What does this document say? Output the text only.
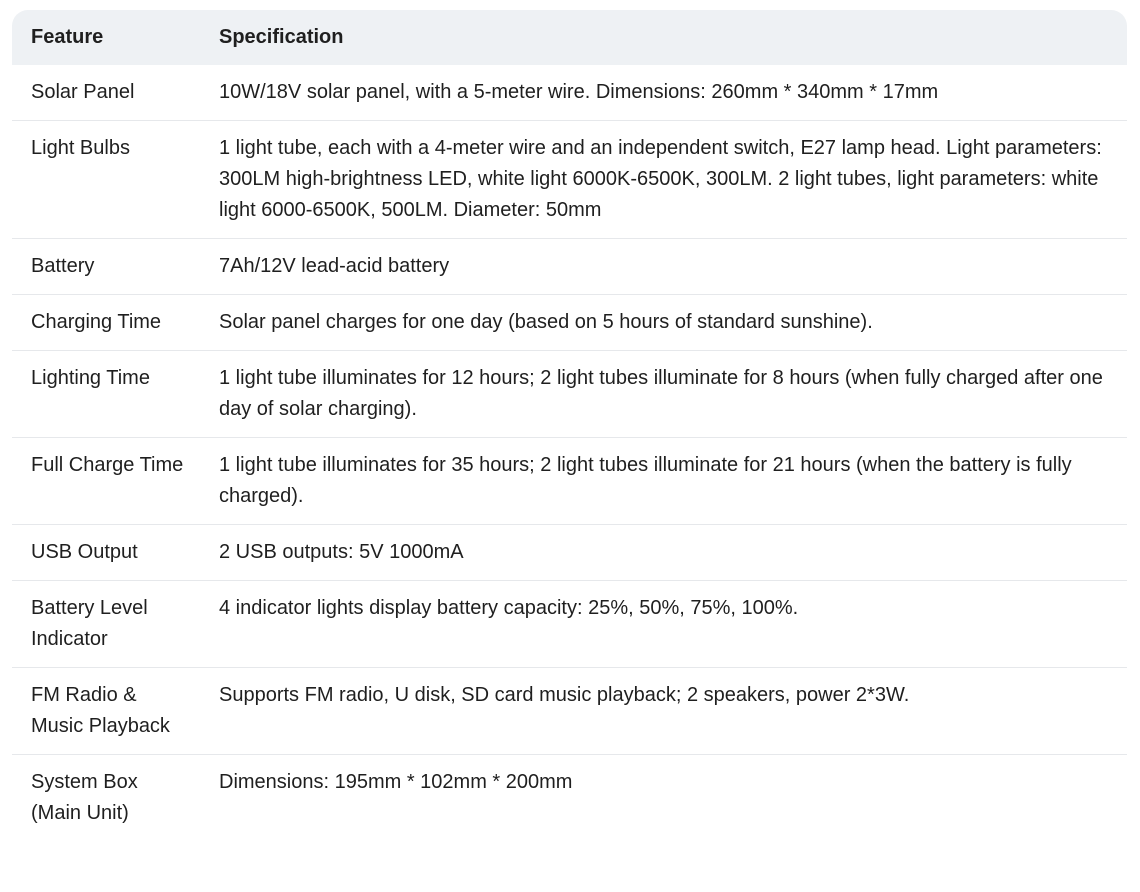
Feature	Specification
Solar Panel	10W/18V solar panel, with a 5-meter wire. Dimensions: 260mm * 340mm * 17mm
Light Bulbs	1 light tube, each with a 4-meter wire and an independent switch, E27 lamp head. Light parameters: 300LM high-brightness LED, white light 6000K-6500K, 300LM. 2 light tubes, light parameters: white light 6000-6500K, 500LM. Diameter: 50mm
Battery	7Ah/12V lead-acid battery
Charging Time	Solar panel charges for one day (based on 5 hours of standard sunshine).
Lighting Time	1 light tube illuminates for 12 hours; 2 light tubes illuminate for 8 hours (when fully charged after one day of solar charging).
Full Charge Time	1 light tube illuminates for 35 hours; 2 light tubes illuminate for 21 hours (when the battery is fully charged).
USB Output	2 USB outputs: 5V 1000mA
Battery Level Indicator	4 indicator lights display battery capacity: 25%, 50%, 75%, 100%.
FM Radio & Music Playback	Supports FM radio, U disk, SD card music playback; 2 speakers, power 2*3W.
System Box (Main Unit)	Dimensions: 195mm * 102mm * 200mm
